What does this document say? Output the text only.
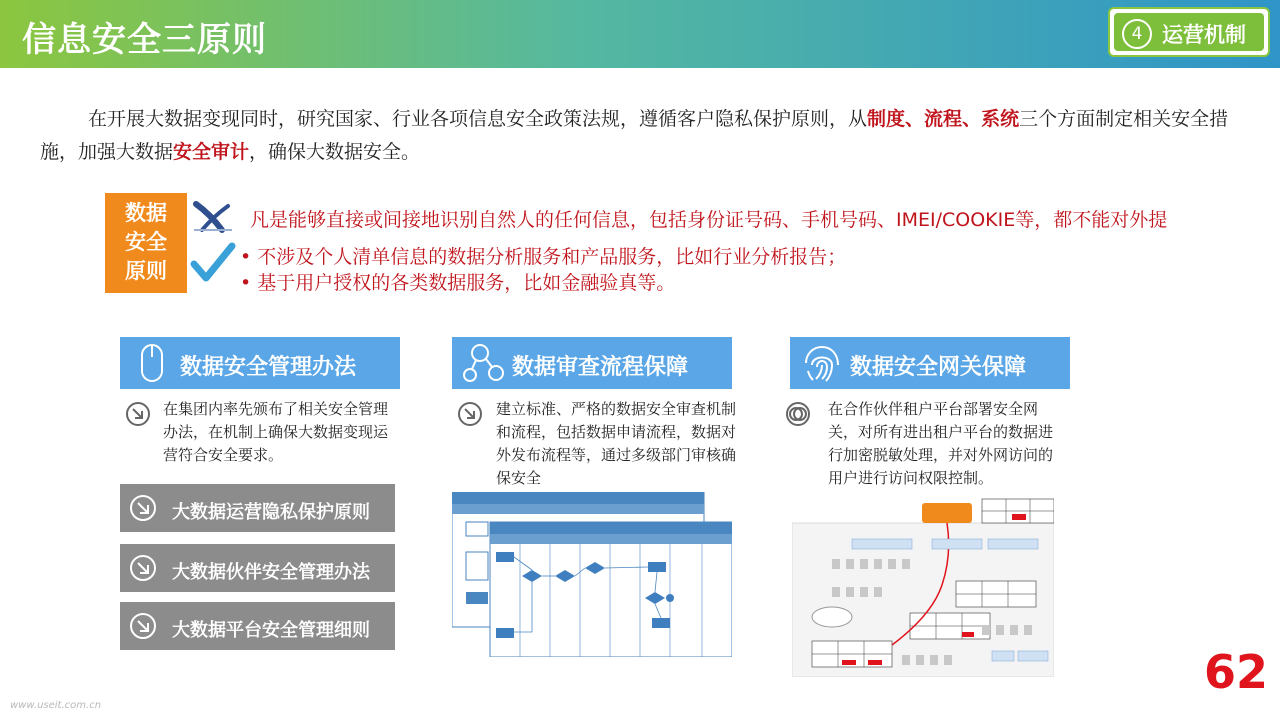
信息安全三原则	4 运营机制
在开展大数据变现同时，研究国家、行业各项信息安全政策法规，遵循客户隐私保护原则，从制度、流程、系统三个方面制定相关安全措施，加强大数据安全审计，确保大数据安全。
数据
安全
原则
凡是能够直接或间接地识别自然人的任何信息，包括身份证号码、手机号码、IMEI/COOKIE等，都不能对外提
• 不涉及个人清单信息的数据分析服务和产品服务，比如行业分析报告；
• 基于用户授权的各类数据服务，比如金融验真等。
数据安全管理办法	数据审查流程保障	数据安全网关保障
在集团内率先颁布了相关安全管理办法，在机制上确保大数据变现运营符合安全要求。
建立标准、严格的数据安全审查机制和流程，包括数据申请流程，数据对外发布流程等，通过多级部门审核确保安全
在合作伙伴租户平台部署安全网关，对所有进出租户平台的数据进行加密脱敏处理，并对外网访问的用户进行访问权限控制。
大数据运营隐私保护原则
大数据伙伴安全管理办法
大数据平台安全管理细则
62
www.useit.com.cn
